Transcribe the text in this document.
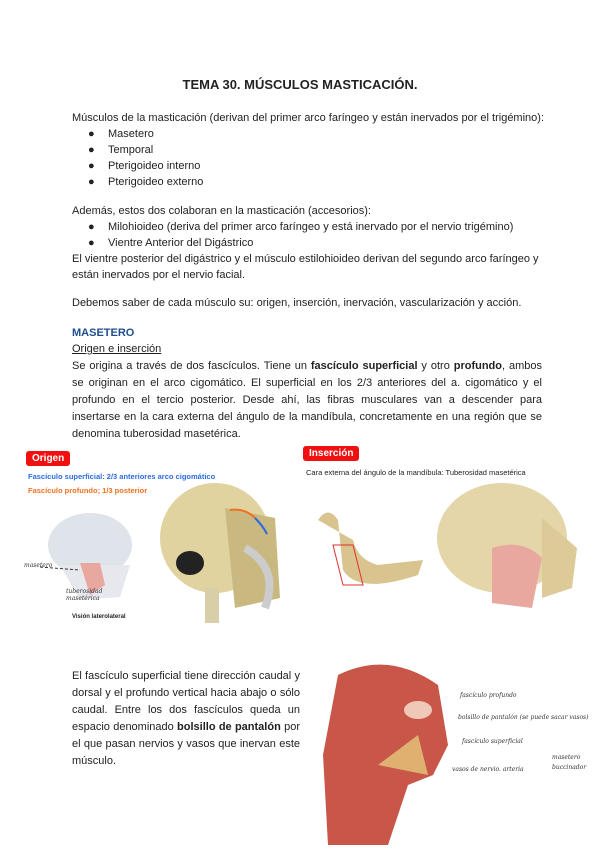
TEMA 30. MÚSCULOS MASTICACIÓN.
Músculos de la masticación (derivan del primer arco faríngeo y están inervados por el trigémino):
● Masetero
● Temporal
● Pterigoideo interno
● Pterigoideo externo
Además, estos dos colaboran en la masticación (accesorios):
● Milohioideo (deriva del primer arco faríngeo y está inervado por el nervio trigémino)
● Vientre Anterior del Digástrico
El vientre posterior del digástrico y el músculo estilohioideo derivan del segundo arco faríngeo y están inervados por el nervio facial.
Debemos saber de cada músculo su: origen, inserción, inervación, vascularización y acción.
MASETERO
Origen e inserción
Se origina a través de dos fascículos. Tiene un fascículo superficial y otro profundo, ambos se originan en el arco cigomático. El superficial en los 2/3 anteriores del a. cigomático y el profundo en el tercio posterior. Desde ahí, las fibras musculares van a descender para insertarse en la cara externa del ángulo de la mandíbula, concretamente en una región que se denomina tuberosidad masetérica.
Origen
Fascículo superficial: 2/3 anteriores arco cigomático
Fascículo profundo; 1/3 posterior
masetero
tuberosidad masetérica
Visión laterolateral
Inserción
Cara externa del ángulo de la mandíbula: Tuberosidad masetérica
El fascículo superficial tiene dirección caudal y dorsal y el profundo vertical hacia abajo o sólo caudal. Entre los dos fascículos queda un espacio denominado bolsillo de pantalón por el que pasan nervios y vasos que inervan este músculo.
fascículo profundo
bolsillo de pantalón (se puede sacar vasos)
fascículo superficial
vasos de nervio. arteria
masetero
buccinador
